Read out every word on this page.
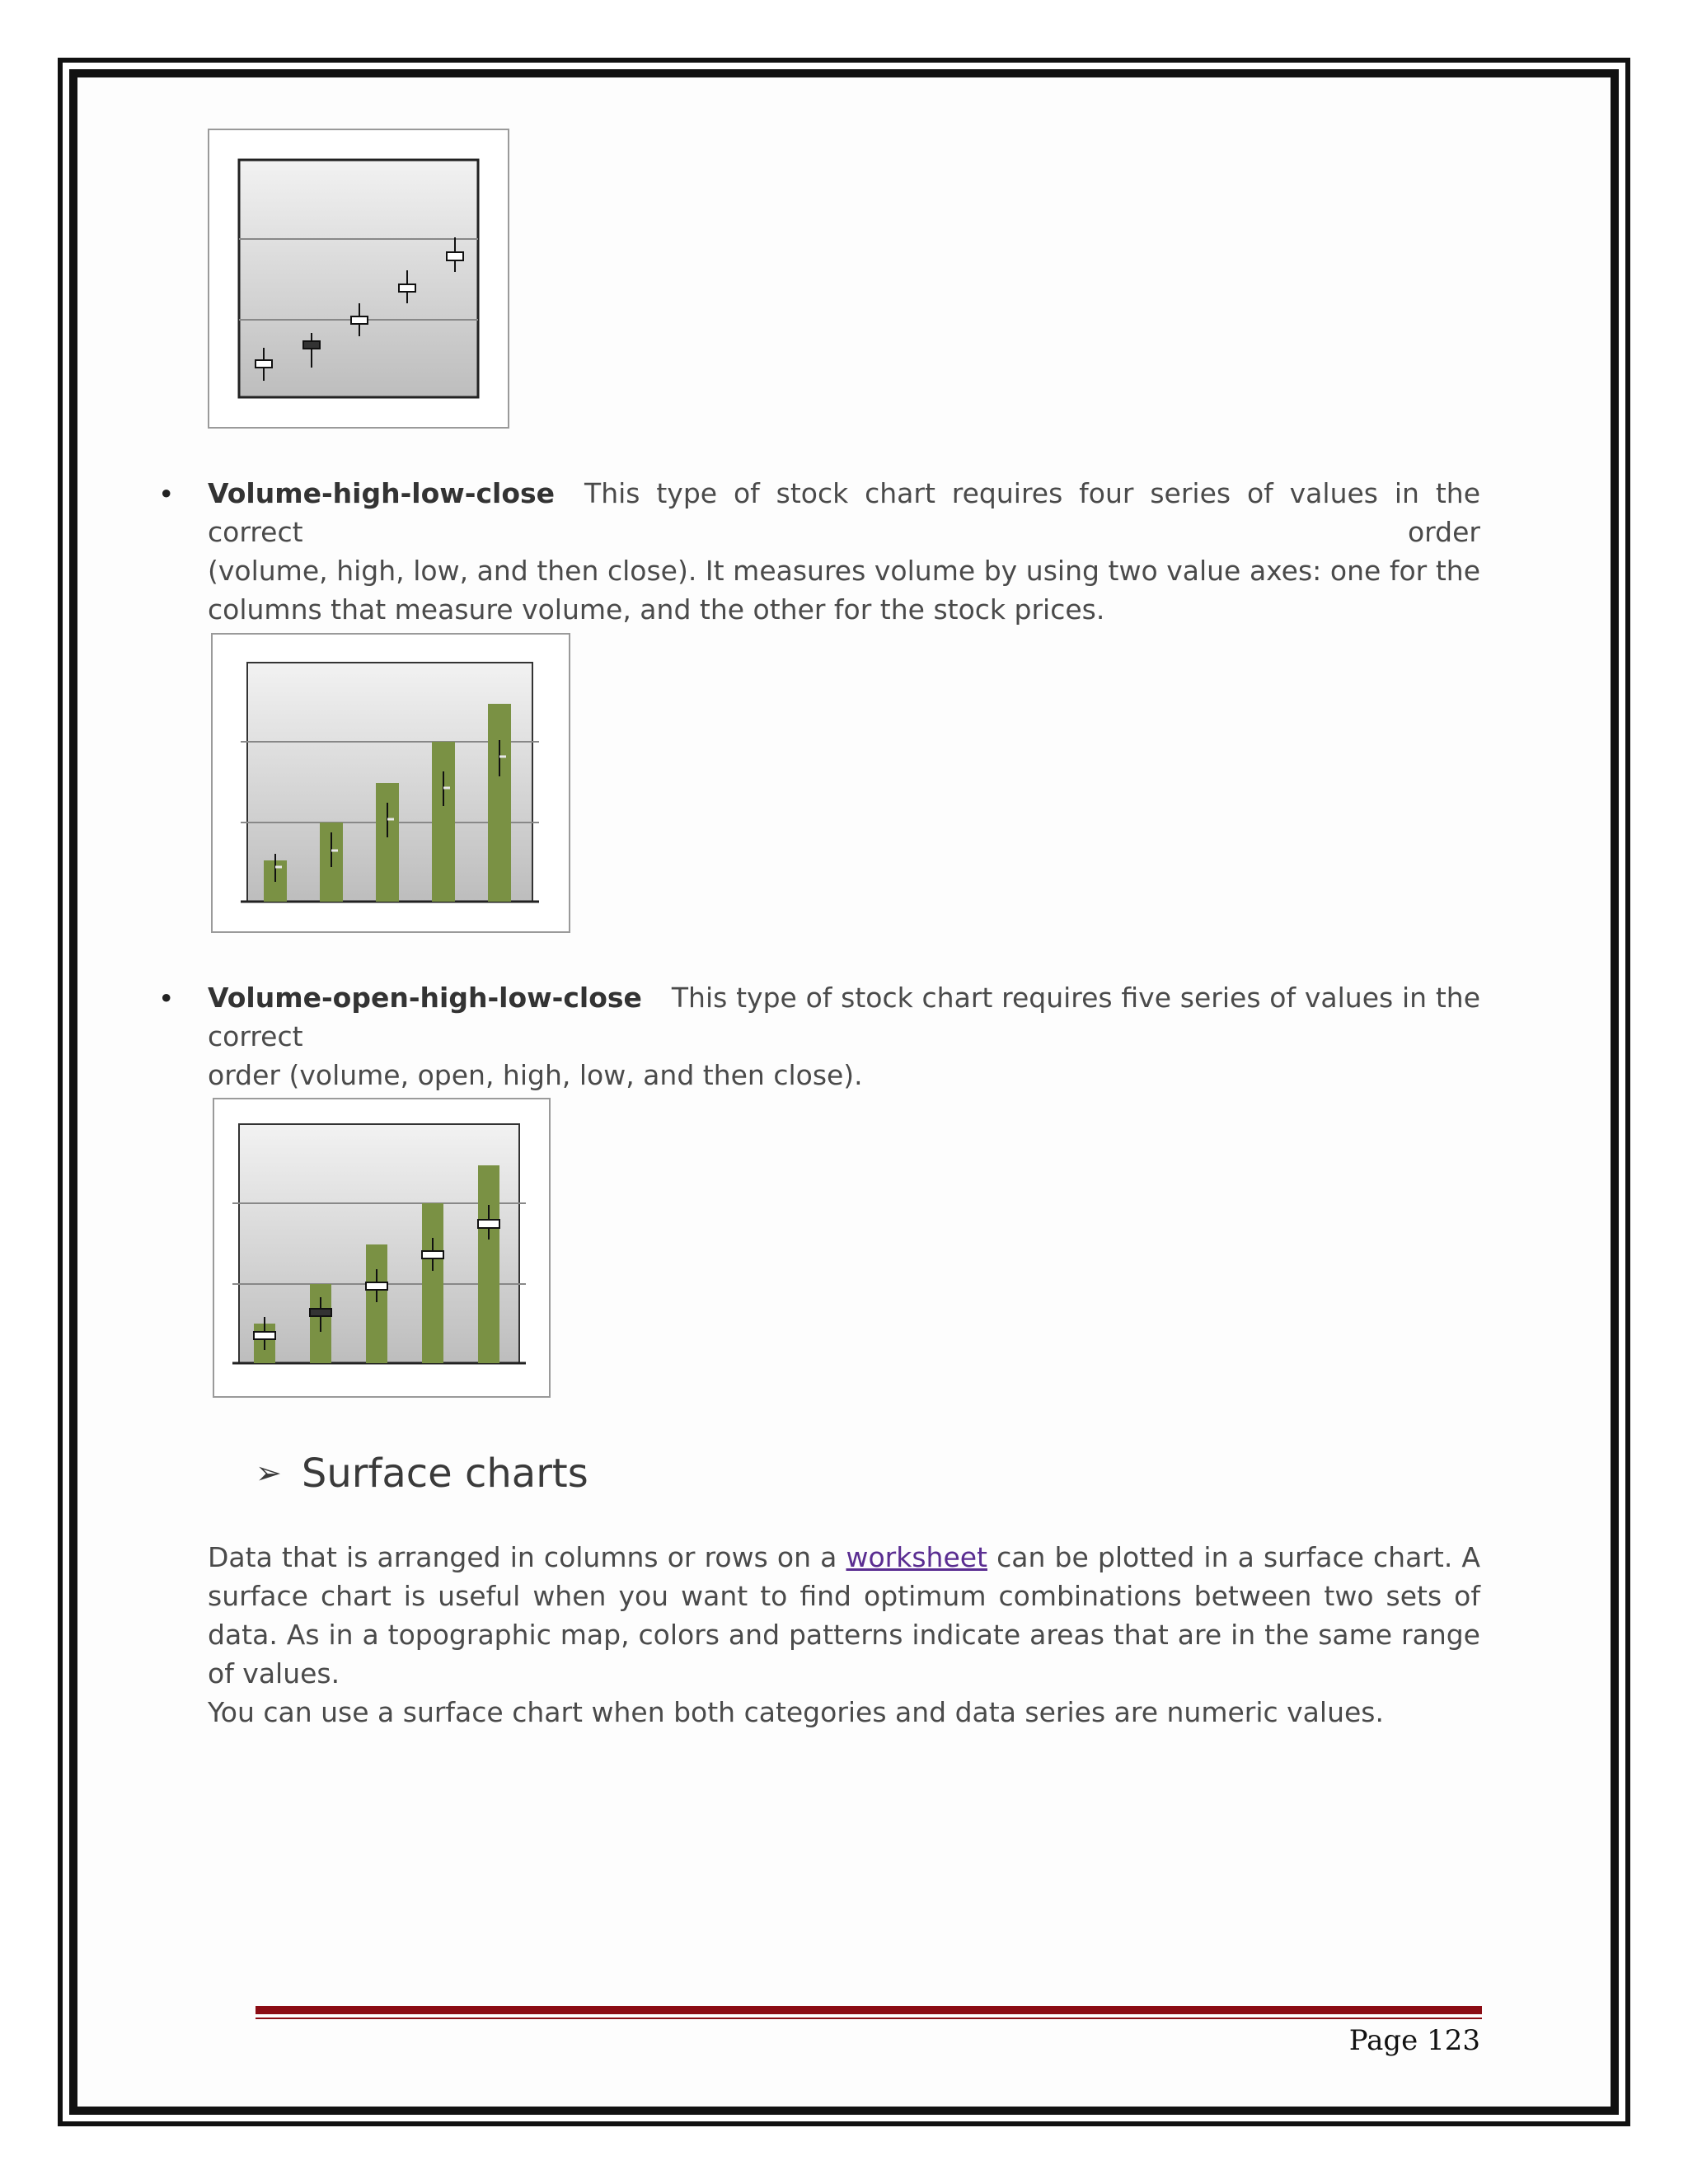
• Volume-high-low-close This type of stock chart requires four series of values in the correct order
(volume, high, low, and then close). It measures volume by using two value axes: one for the
columns that measure volume, and the other for the stock prices.
• Volume-open-high-low-close This type of stock chart requires five series of values in the correct
order (volume, open, high, low, and then close).
➢ Surface charts
Data that is arranged in columns or rows on a worksheet can be plotted in a surface chart. A surface chart is useful when you want to find optimum combinations between two sets of data. As in a topographic map, colors and patterns indicate areas that are in the same range of values.
You can use a surface chart when both categories and data series are numeric values.
Page 123
